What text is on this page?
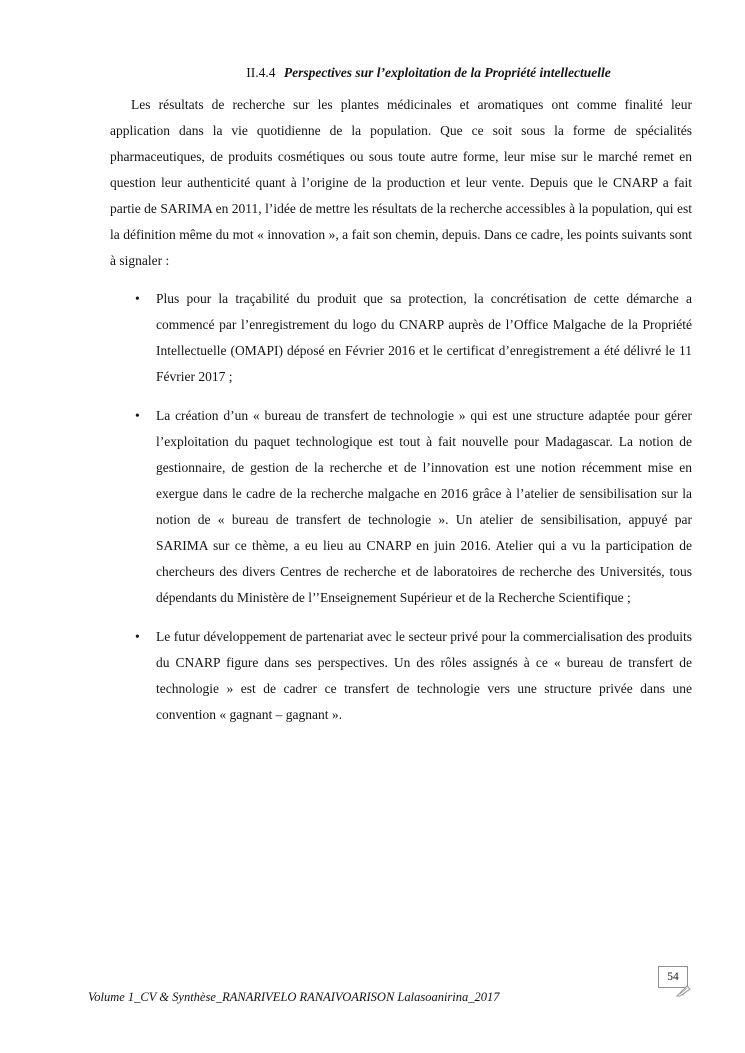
II.4.4 Perspectives sur l’exploitation de la Propriété intellectuelle

Les résultats de recherche sur les plantes médicinales et aromatiques ont comme finalité leur application dans la vie quotidienne de la population. Que ce soit sous la forme de spécialités pharmaceutiques, de produits cosmétiques ou sous toute autre forme, leur mise sur le marché remet en question leur authenticité quant à l’origine de la production et leur vente. Depuis que le CNARP a fait partie de SARIMA en 2011, l’idée de mettre les résultats de la recherche accessibles à la population, qui est la définition même du mot « innovation », a fait son chemin, depuis. Dans ce cadre, les points suivants sont à signaler :

• Plus pour la traçabilité du produit que sa protection, la concrétisation de cette démarche a commencé par l’enregistrement du logo du CNARP auprès de l’Office Malgache de la Propriété Intellectuelle (OMAPI) déposé en Février 2016 et le certificat d’enregistrement a été délivré le 11 Février 2017 ;
• La création d’un « bureau de transfert de technologie » qui est une structure adaptée pour gérer l’exploitation du paquet technologique est tout à fait nouvelle pour Madagascar. La notion de gestionnaire, de gestion de la recherche et de l’innovation est une notion récemment mise en exergue dans le cadre de la recherche malgache en 2016 grâce à l’atelier de sensibilisation sur la notion de « bureau de transfert de technologie ». Un atelier de sensibilisation, appuyé par SARIMA sur ce thème, a eu lieu au CNARP en juin 2016. Atelier qui a vu la participation de chercheurs des divers Centres de recherche et de laboratoires de recherche des Universités, tous dépendants du Ministère de l’’Enseignement Supérieur et de la Recherche Scientifique ;
• Le futur développement de partenariat avec le secteur privé pour la commercialisation des produits du CNARP figure dans ses perspectives. Un des rôles assignés à ce « bureau de transfert de technologie » est de cadrer ce transfert de technologie vers une structure privée dans une convention « gagnant – gagnant ».
54
Volume 1_CV & Synthèse_RANARIVELO RANAIVOARISON Lalasoanirina_2017
